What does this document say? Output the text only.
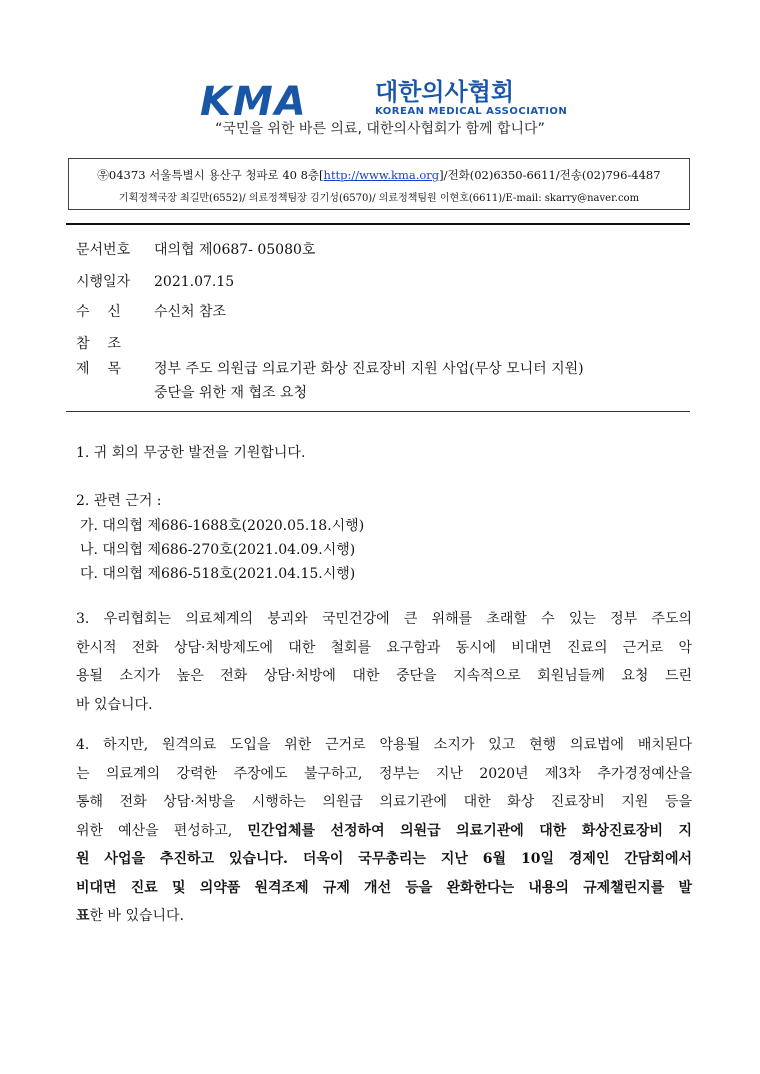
KMA	대한의사협회
KOREAN MEDICAL ASSOCIATION
“국민을 위한 바른 의료, 대한의사협회가 함께 합니다”
㉾04373 서울특별시 용산구 청파로 40 8층[http://www.kma.org]/전화(02)6350-6611/전송(02)796-4487
기획정책국장 최길만(6552)/ 의료정책팀장 김기성(6570)/ 의료정책팀원 이현호(6611)/E-mail: skarry@naver.com
문서번호 대의협 제0687- 05080호
시행일자 2021.07.15
수    신 수신처 참조
참    조
제    목	정부 주도 의원급 의료기관 화상 진료장비 지원 사업(무상 모니터 지원)
중단을 위한 재 협조 요청
1. 귀 회의 무궁한 발전을 기원합니다.
2. 관련 근거 :
가. 대의협 제686-1688호(2020.05.18.시행)
나. 대의협 제686-270호(2021.04.09.시행)
다. 대의협 제686-518호(2021.04.15.시행)
3. 우리협회는 의료체계의 붕괴와 국민건강에 큰 위해를 초래할 수 있는 정부 주도의
한시적 전화 상담·처방제도에 대한 철회를 요구함과 동시에 비대면 진료의 근거로 악
용될 소지가 높은 전화 상담·처방에 대한 중단을 지속적으로 회원님들께 요청 드린
바 있습니다.
4. 하지만, 원격의료 도입을 위한 근거로 악용될 소지가 있고 현행 의료법에 배치된다
는 의료계의 강력한 주장에도 불구하고, 정부는 지난 2020년 제3차 추가경정예산을
통해 전화 상담·처방을 시행하는 의원급 의료기관에 대한 화상 진료장비 지원 등을
위한 예산을 편성하고, 민간업체를 선정하여 의원급 의료기관에 대한 화상진료장비 지
원 사업을 추진하고 있습니다. 더욱이 국무총리는 지난 6월 10일 경제인 간담회에서
비대면 진료 및 의약품 원격조제 규제 개선 등을 완화한다는 내용의 규제챌린지를 발
표한 바 있습니다.
